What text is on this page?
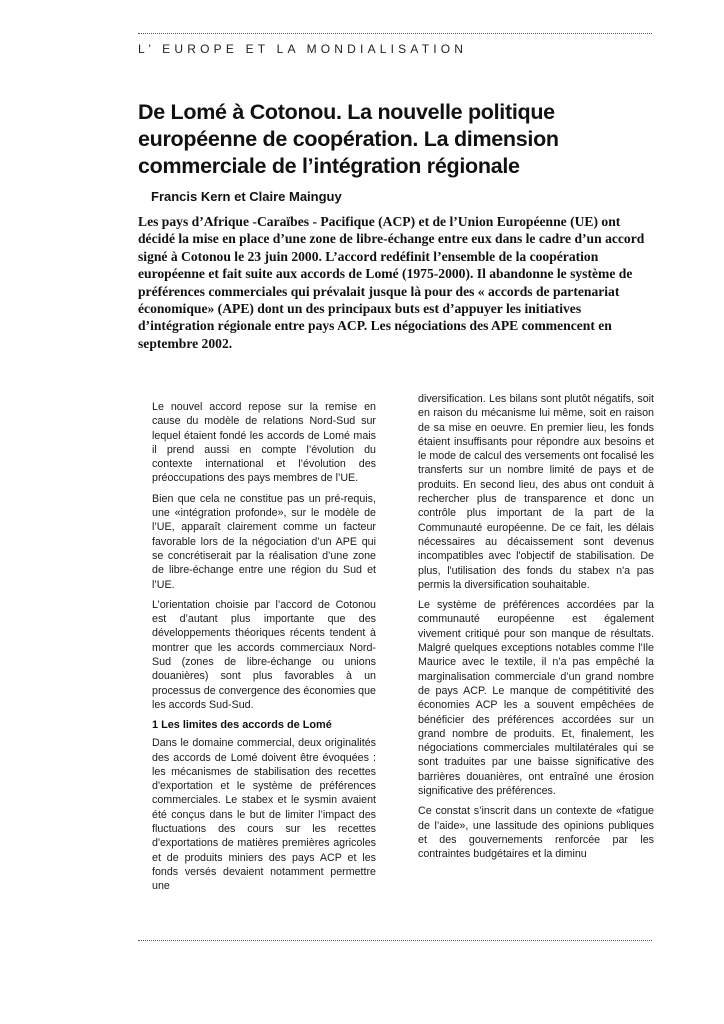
L’ EUROPE ET LA MONDIALISATION
De Lomé à Cotonou. La nouvelle politique européenne de coopération. La dimension commerciale de l’intégration régionale
Francis Kern et Claire Mainguy

Les pays d’Afrique -Caraïbes - Pacifique (ACP) et de l’Union Européenne (UE) ont décidé la mise en place d’une zone de libre-échange entre eux dans le cadre d’un accord signé à Cotonou le 23 juin 2000. L’accord redéfinit l’ensemble de la coopération européenne et fait suite aux accords de Lomé (1975-2000). Il abandonne le système de préférences commerciales qui prévalait jusque là pour des « accords de partenariat économique» (APE) dont un des principaux buts est d’appuyer les initiatives d’intégration régionale entre pays ACP. Les négociations des APE commencent en septembre 2002.

Le nouvel accord repose sur la remise en cause du modèle de relations Nord-Sud sur lequel étaient fondé les accords de Lomé mais il prend aussi en compte l’évolution du contexte international et l’évolution des préoccupations des pays membres de l’UE.

Bien que cela ne constitue pas un pré-requis, une «intégration profonde», sur le modèle de l’UE, apparaît clairement comme un facteur favorable lors de la négociation d’un APE qui se concrétiserait par la réalisation d’une zone de libre-échange entre une région du Sud et l’UE.

L’orientation choisie par l’accord de Cotonou est d’autant plus importante que des développements théoriques récents tendent à montrer que les accords commerciaux Nord-Sud (zones de libre-échange ou unions douanières) sont plus favorables à un processus de convergence des économies que les accords Sud-Sud.

1 Les limites des accords de Lomé

Dans le domaine commercial, deux originalités des accords de Lomé doivent être évoquées : les mécanismes de stabilisation des recettes d'exportation et le système de préférences commerciales. Le stabex et le sysmin avaient été conçus dans le but de limiter l’impact des fluctuations des cours sur les recettes d'exportations de matières premières agricoles et de produits miniers des pays ACP et les fonds versés devaient notamment permettre une

diversification. Les bilans sont plutôt négatifs, soit en raison du mécanisme lui même, soit en raison de sa mise en oeuvre. En premier lieu, les fonds étaient insuffisants pour répondre aux besoins et le mode de calcul des versements ont focalisé les transferts sur un nombre limité de pays et de produits. En second lieu, des abus ont conduit à rechercher plus de transparence et donc un contrôle plus important de la part de la Communauté européenne. De ce fait, les délais nécessaires au décaissement sont devenus incompatibles avec l'objectif de stabilisation. De plus, l'utilisation des fonds du stabex n'a pas permis la diversification souhaitable.

Le système de préférences accordées par la communauté européenne est également vivement critiqué pour son manque de résultats. Malgré quelques exceptions notables comme l'Ile Maurice avec le textile, il n’a pas empêché la marginalisation commerciale d’un grand nombre de pays ACP. Le manque de compétitivité des économies ACP les a souvent empêchées de bénéficier des préférences accordées sur un grand nombre de produits. Et, finalement, les négociations commerciales multilatérales qui se sont traduites par une baisse significative des barrières douanières, ont entraîné une érosion significative des préférences.

Ce constat s’inscrit dans un contexte de «fatigue de l’aide», une lassitude des opinions publiques et des gouvernements renforcée par les contraintes budgétaires et la diminu
